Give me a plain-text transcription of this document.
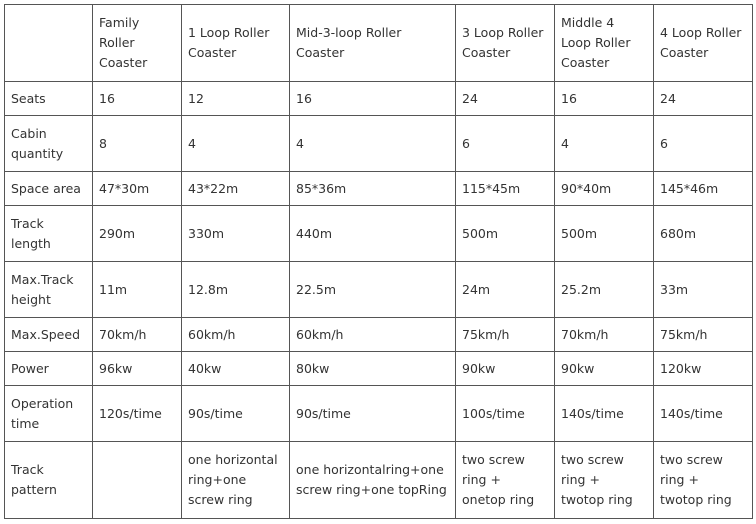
	Family Roller Coaster	1 Loop Roller Coaster	Mid-3-loop Roller Coaster	3 Loop Roller Coaster	Middle 4 Loop Roller Coaster	4 Loop Roller Coaster
Seats	16	12	16	24	16	24
Cabin quantity	8	4	4	6	4	6
Space area	47*30m	43*22m	85*36m	115*45m	90*40m	145*46m
Track length	290m	330m	440m	500m	500m	680m
Max.Track height	11m	12.8m	22.5m	24m	25.2m	33m
Max.Speed	70km/h	60km/h	60km/h	75km/h	70km/h	75km/h
Power	96kw	40kw	80kw	90kw	90kw	120kw
Operation time	120s/time	90s/time	90s/time	100s/time	140s/time	140s/time
Track pattern		one horizontal ring+one screw ring	one horizontalring+one screw ring+one topRing	two screw ring + onetop ring	two screw ring + twotop ring	two screw ring + twotop ring
